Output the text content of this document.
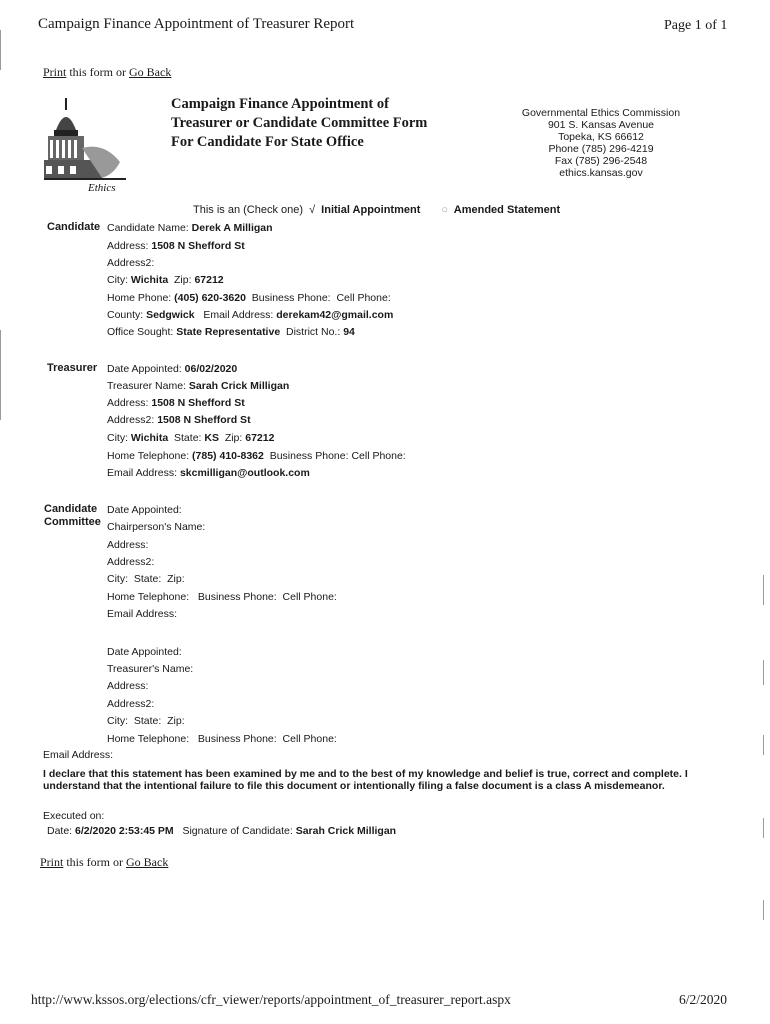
Campaign Finance Appointment of Treasurer Report	Page 1 of 1
Print this form or Go Back
Ethics
Campaign Finance Appointment of Treasurer or Candidate Committee Form For Candidate For State Office
Governmental Ethics Commission
901 S. Kansas Avenue
Topeka, KS 66612
Phone (785) 296-4219
Fax (785) 296-2548
ethics.kansas.gov
This is an (Check one) √ Initial Appointment ○ Amended Statement
Candidate Candidate Name: Derek A Milligan
Address: 1508 N Shefford St
Address2:
City: Wichita Zip: 67212
Home Phone: (405) 620-3620 Business Phone: Cell Phone:
County: Sedgwick Email Address: derekam42@gmail.com
Office Sought: State Representative District No.: 94
Treasurer Date Appointed: 06/02/2020
Treasurer Name: Sarah Crick Milligan
Address: 1508 N Shefford St
Address2: 1508 N Shefford St
City: Wichita State: KS Zip: 67212
Home Telephone: (785) 410-8362 Business Phone: Cell Phone:
Email Address: skcmilligan@outlook.com
Candidate
Committee
Date Appointed:
Chairperson's Name:
Address:
Address2:
City: State: Zip:
Home Telephone: Business Phone: Cell Phone:
Email Address:
Date Appointed:
Treasurer's Name:
Address:
Address2:
City: State: Zip:
Home Telephone: Business Phone: Cell Phone:
Email Address:
I declare that this statement has been examined by me and to the best of my knowledge and belief is true, correct and complete. I understand that the intentional failure to file this document or intentionally filing a false document is a class A misdemeanor.
Executed on:
Date: 6/2/2020 2:53:45 PM Signature of Candidate: Sarah Crick Milligan
Print this form or Go Back
http://www.kssos.org/elections/cfr_viewer/reports/appointment_of_treasurer_report.aspx	6/2/2020
